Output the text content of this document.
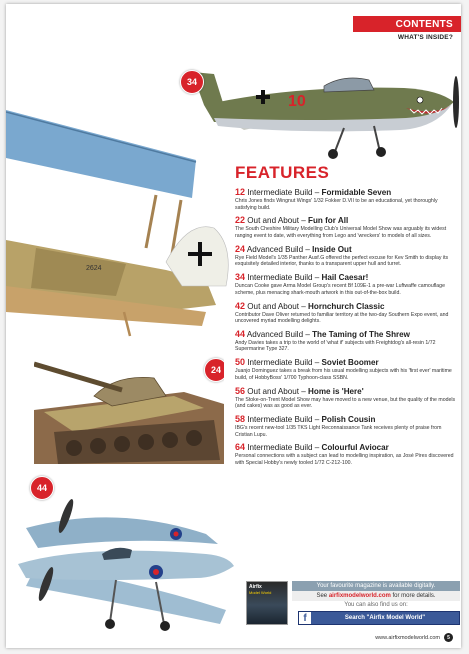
CONTENTS
WHAT'S INSIDE?
10
34
2624
24
44
FEATURES
12 Intermediate Build – Formidable Seven
Chris Jones finds Wingnut Wings' 1/32 Fokker D.VII to be an educational, yet thoroughly satisfying build.
22 Out and About – Fun for All
The South Cheshire Military Modelling Club's Universal Model Show was arguably its widest ranging event to date, with everything from Lego and 'wreckers' to models of all sizes.
24 Advanced Build – Inside Out
Rye Field Model's 1/35 Panther Ausf.G offered the perfect excuse for Kev Smith to display its exquisitely detailed interior, thanks to a transparent upper hull and turret.
34 Intermediate Build – Hail Caesar!
Duncan Cooke gave Arma Model Group's recent Bf 109E-1 a pre-war Luftwaffe camouflage scheme, plus menacing shark-mouth artwork in this out-of-the-box build.
42 Out and About – Hornchurch Classic
Contributor Dave Oliver returned to familiar territory at the two-day Southern Expo event, and uncovered myriad modelling delights.
44 Advanced Build – The Taming of The Shrew
Andy Davies takes a trip to the world of 'what if' subjects with Freightdog's all-resin 1/72 Supermarine Type 327.
50 Intermediate Build – Soviet Boomer
Juanjo Dominguez takes a break from his usual modelling subjects with his 'first ever' maritime build, of HobbyBoss' 1/700 Typhoon-class SSBN.
56 Out and About – Home is 'Here'
The Stoke-on-Trent Model Show may have moved to a new venue, but the quality of the models (and cakes) was as good as ever.
58 Intermediate Build – Polish Cousin
IBG's recent new-tool 1/35 TKS Light Reconnaissance Tank receives plenty of praise from Cristian Lupu.
64 Intermediate Build – Colourful Aviocar
Personal connections with a subject can lead to modelling inspiration, as José Pires discovered with Special Hobby's newly tooled 1/72 C-212-100.
Airfix
Model World
Your favourite magazine is available digitally.
See airfixmodelworld.com for more details.
You can also find us on:
f	Search "Airfix Model World"
www.airfixmodelworld.com	5
